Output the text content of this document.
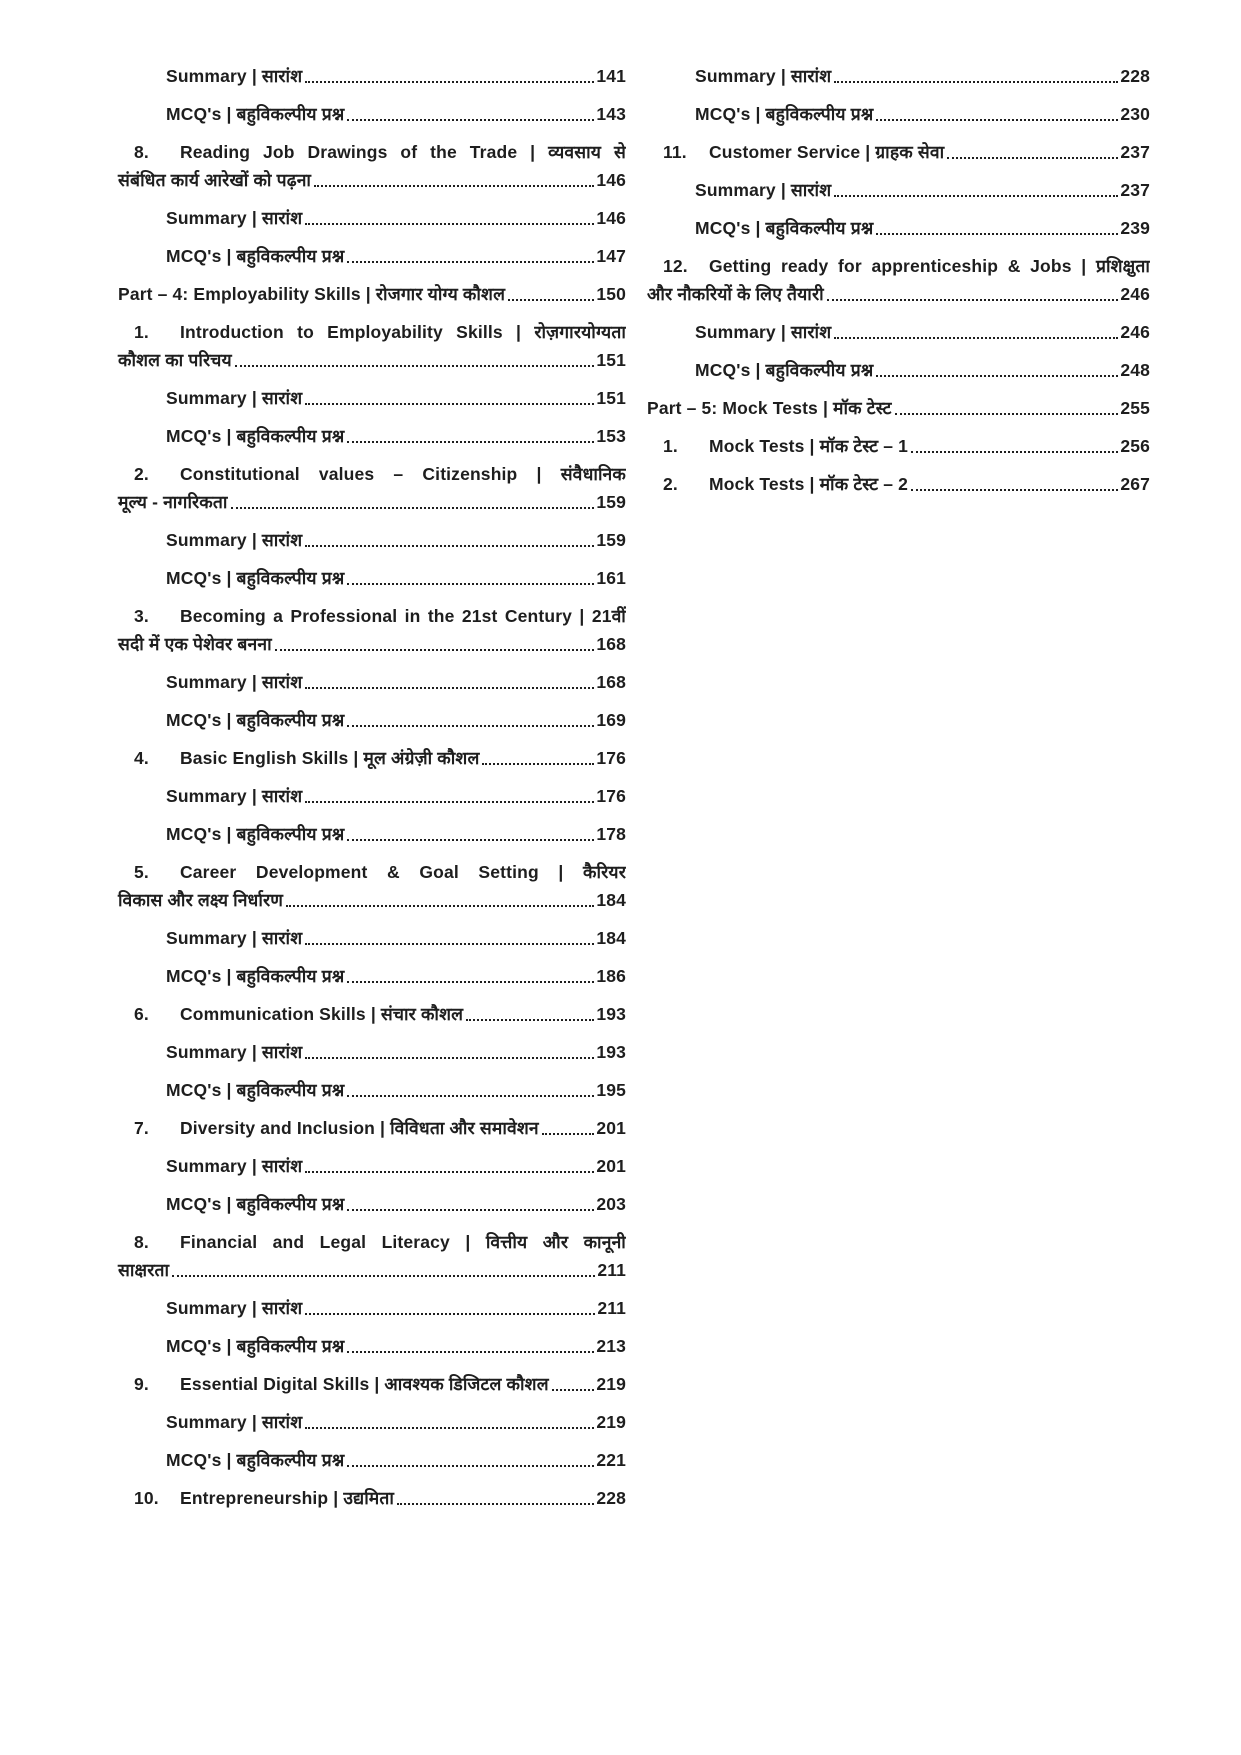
Summary | सारांश	141
MCQ's | बहुविकल्पीय प्रश्न	143
8. Reading Job Drawings of the Trade | व्यवसाय से
संबंधित कार्य आरेखों को पढ़ना	146
Summary | सारांश	146
MCQ's | बहुविकल्पीय प्रश्न	147
Part – 4: Employability Skills | रोजगार योग्य कौशल	150
1. Introduction to Employability Skills | रोज़गारयोग्यता
कौशल का परिचय	151
Summary | सारांश	151
MCQ's | बहुविकल्पीय प्रश्न	153
2. Constitutional values – Citizenship | संवैधानिक
मूल्य - नागरिकता	159
Summary | सारांश	159
MCQ's | बहुविकल्पीय प्रश्न	161
3. Becoming a Professional in the 21st Century | 21वीं
सदी में एक पेशेवर बनना	168
Summary | सारांश	168
MCQ's | बहुविकल्पीय प्रश्न	169
4.	Basic English Skills | मूल अंग्रेज़ी कौशल	176
Summary | सारांश	176
MCQ's | बहुविकल्पीय प्रश्न	178
5. Career Development & Goal Setting | कैरियर
विकास और लक्ष्य निर्धारण	184
Summary | सारांश	184
MCQ's | बहुविकल्पीय प्रश्न	186
6.	Communication Skills | संचार कौशल	193
Summary | सारांश	193
MCQ's | बहुविकल्पीय प्रश्न	195
7.	Diversity and Inclusion | विविधता और समावेशन	201
Summary | सारांश	201
MCQ's | बहुविकल्पीय प्रश्न	203
8. Financial and Legal Literacy | वित्तीय और कानूनी
साक्षरता	211
Summary | सारांश	211
MCQ's | बहुविकल्पीय प्रश्न	213
9.	Essential Digital Skills | आवश्यक डिजिटल कौशल	219
Summary | सारांश	219
MCQ's | बहुविकल्पीय प्रश्न	221
10.	Entrepreneurship | उद्यमिता	228
Summary | सारांश	228
MCQ's | बहुविकल्पीय प्रश्न	230
11.	Customer Service | ग्राहक सेवा	237
Summary | सारांश	237
MCQ's | बहुविकल्पीय प्रश्न	239
12. Getting ready for apprenticeship & Jobs | प्रशिक्षुता
और नौकरियों के लिए तैयारी	246
Summary | सारांश	246
MCQ's | बहुविकल्पीय प्रश्न	248
Part – 5: Mock Tests | मॉक टेस्ट	255
1.	Mock Tests | मॉक टेस्ट – 1	256
2.	Mock Tests | मॉक टेस्ट – 2	267
